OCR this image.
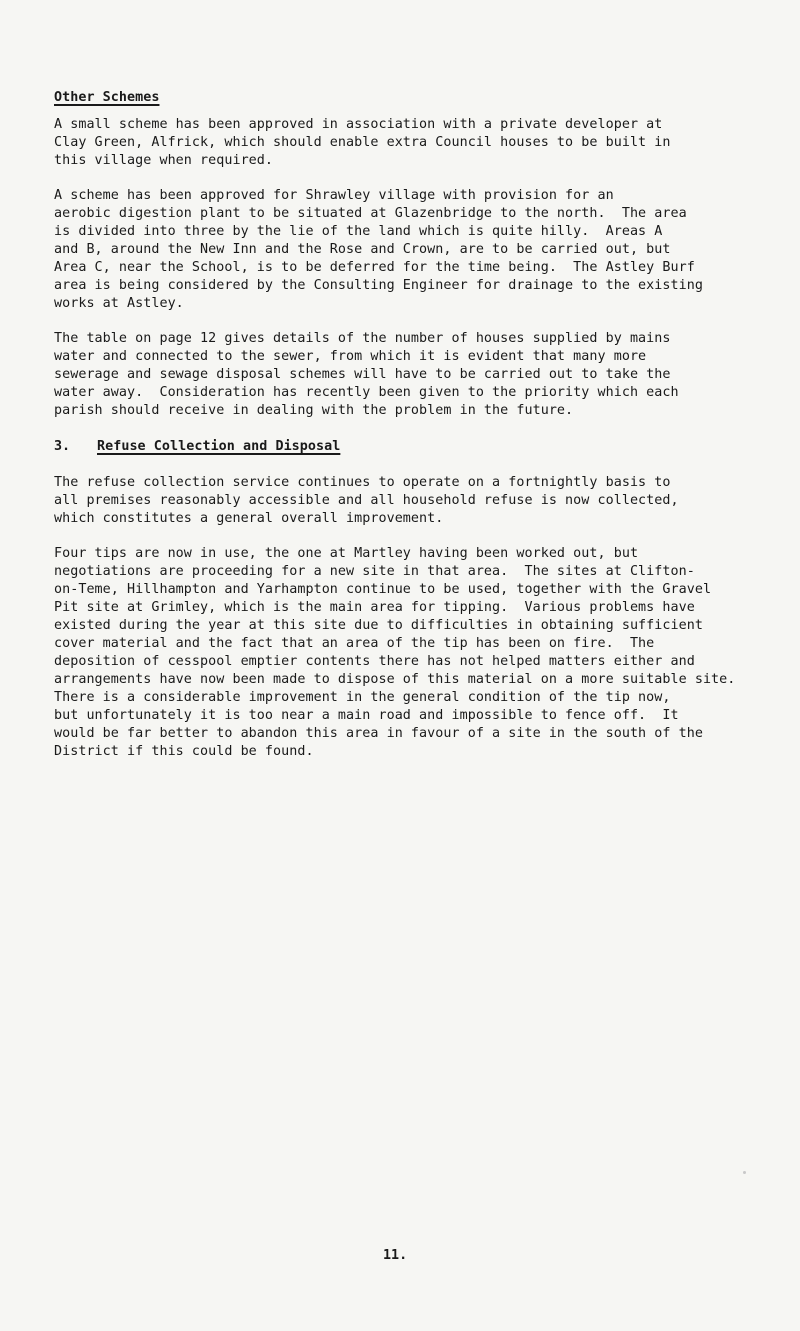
Other Schemes
A small scheme has been approved in association with a private developer at
Clay Green, Alfrick, which should enable extra Council houses to be built in
this village when required.
A scheme has been approved for Shrawley village with provision for an
aerobic digestion plant to be situated at Glazenbridge to the north.  The area
is divided into three by the lie of the land which is quite hilly.  Areas A
and B, around the New Inn and the Rose and Crown, are to be carried out, but
Area C, near the School, is to be deferred for the time being.  The Astley Burf
area is being considered by the Consulting Engineer for drainage to the existing
works at Astley.
The table on page 12 gives details of the number of houses supplied by mains
water and connected to the sewer, from which it is evident that many more
sewerage and sewage disposal schemes will have to be carried out to take the
water away.  Consideration has recently been given to the priority which each
parish should receive in dealing with the problem in the future.
3. Refuse Collection and Disposal
The refuse collection service continues to operate on a fortnightly basis to
all premises reasonably accessible and all household refuse is now collected,
which constitutes a general overall improvement.
Four tips are now in use, the one at Martley having been worked out, but
negotiations are proceeding for a new site in that area.  The sites at Clifton-
on-Teme, Hillhampton and Yarhampton continue to be used, together with the Gravel
Pit site at Grimley, which is the main area for tipping.  Various problems have
existed during the year at this site due to difficulties in obtaining sufficient
cover material and the fact that an area of the tip has been on fire.  The
deposition of cesspool emptier contents there has not helped matters either and
arrangements have now been made to dispose of this material on a more suitable site.
There is a considerable improvement in the general condition of the tip now,
but unfortunately it is too near a main road and impossible to fence off.  It
would be far better to abandon this area in favour of a site in the south of the
District if this could be found.
11.
